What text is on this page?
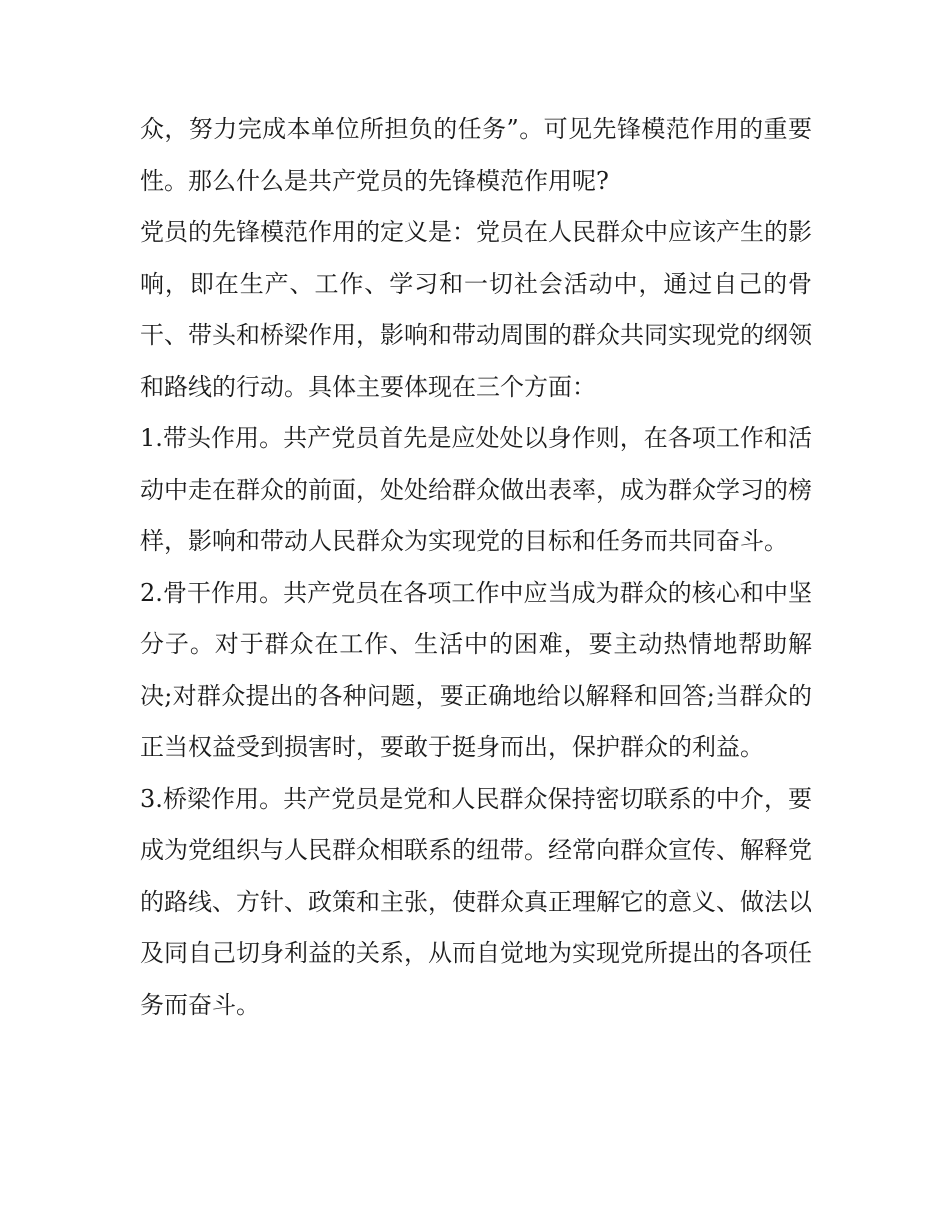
众，努力完成本单位所担负的任务”。可见先锋模范作用的重要性。那么什么是共产党员的先锋模范作用呢?

党员的先锋模范作用的定义是：党员在人民群众中应该产生的影响，即在生产、工作、学习和一切社会活动中，通过自己的骨干、带头和桥梁作用，影响和带动周围的群众共同实现党的纲领和路线的行动。具体主要体现在三个方面：

1.带头作用。共产党员首先是应处处以身作则，在各项工作和活动中走在群众的前面，处处给群众做出表率，成为群众学习的榜样，影响和带动人民群众为实现党的目标和任务而共同奋斗。

2.骨干作用。共产党员在各项工作中应当成为群众的核心和中坚分子。对于群众在工作、生活中的困难，要主动热情地帮助解决;对群众提出的各种问题，要正确地给以解释和回答;当群众的正当权益受到损害时，要敢于挺身而出，保护群众的利益。

3.桥梁作用。共产党员是党和人民群众保持密切联系的中介，要成为党组织与人民群众相联系的纽带。经常向群众宣传、解释党的路线、方针、政策和主张，使群众真正理解它的意义、做法以及同自己切身利益的关系，从而自觉地为实现党所提出的各项任务而奋斗。
